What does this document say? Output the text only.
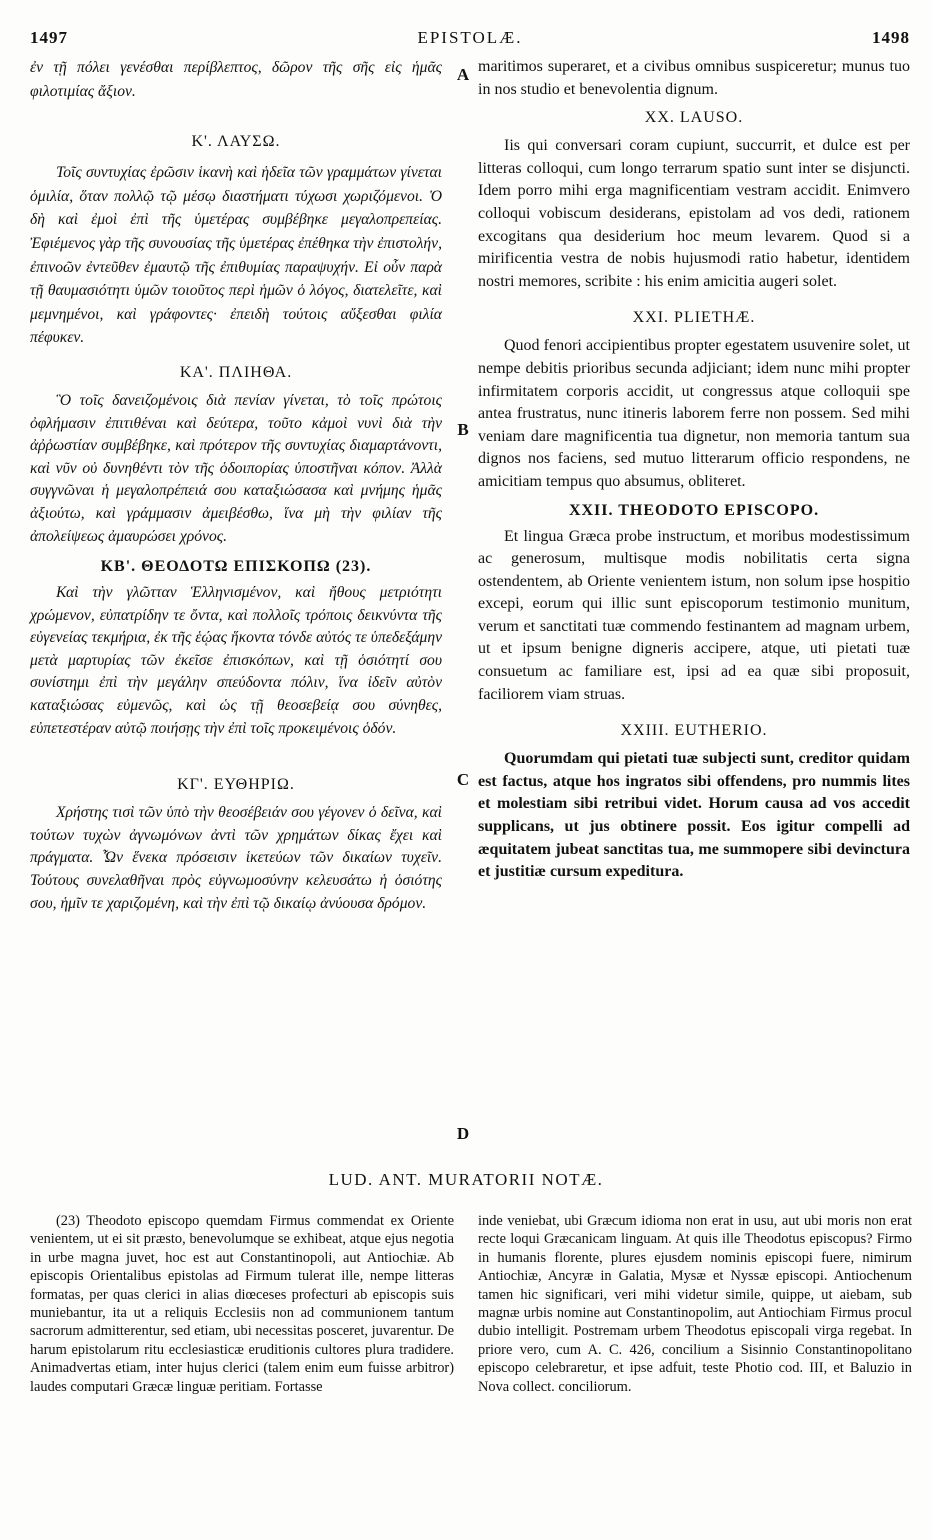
1497	EPISTOLÆ.	1498
A
B
C
D

ἐν τῇ πόλει γενέσθαι περίβλεπτος, δῶρον τῆς σῆς εἰς ἡμᾶς φιλοτιμίας ἄξιον.

Κ'. ΛΑΥΣΩ.

Τοῖς συντυχίας ἐρῶσιν ἱκανὴ καὶ ἡδεῖα τῶν γραμμάτων γίνεται ὁμιλία, ὅταν πολλῷ τῷ μέσῳ διαστήματι τύχωσι χωριζόμενοι. Ὁ δὴ καὶ ἐμοὶ ἐπὶ τῆς ὑμετέρας συμβέβηκε μεγαλοπρεπείας. Ἐφιέμενος γὰρ τῆς συνουσίας τῆς ὑμετέρας ἐπέθηκα τὴν ἐπιστολήν, ἐπινοῶν ἐντεῦθεν ἐμαυτῷ τῆς ἐπιθυμίας παραψυχήν. Εἰ οὖν παρὰ τῇ θαυμασιότητι ὑμῶν τοιοῦτος περὶ ἡμῶν ὁ λόγος, διατελεῖτε, καὶ μεμνημένοι, καὶ γράφοντες· ἐπειδὴ τούτοις αὔξεσθαι φιλία πέφυκεν.

ΚΑ'. ΠΛΙΗΘΑ.

Ὃ τοῖς δανειζομένοις διὰ πενίαν γίνεται, τὸ τοῖς πρώτοις ὀφλήμασιν ἐπιτιθέναι καὶ δεύτερα, τοῦτο κἀμοὶ νυνὶ διὰ τὴν ἀῤῥωστίαν συμβέβηκε, καὶ πρότερον τῆς συντυχίας διαμαρτάνοντι, καὶ νῦν οὐ δυνηθέντι τὸν τῆς ὁδοιπορίας ὑποστῆναι κόπον. Ἀλλὰ συγγνῶναι ἡ μεγαλοπρέπειά σου καταξιώσασα καὶ μνήμης ἡμᾶς ἀξιούτω, καὶ γράμμασιν ἀμειβέσθω, ἵνα μὴ τὴν φιλίαν τῆς ἀπολείψεως ἀμαυρώσει χρόνος.

ΚΒ'. ΘΕΟΔΟΤΩ ΕΠΙΣΚΟΠΩ (23).

Καὶ τὴν γλῶτταν Ἑλληνισμένον, καὶ ἤθους μετριότητι χρώμενον, εὐπατρίδην τε ὄντα, καὶ πολλοῖς τρόποις δεικνύντα τῆς εὐγενείας τεκμήρια, ἐκ τῆς ἑῴας ἥκοντα τόνδε αὐτός τε ὑπεδεξάμην μετὰ μαρτυρίας τῶν ἐκεῖσε ἐπισκόπων, καὶ τῇ ὁσιότητί σου συνίστημι ἐπὶ τὴν μεγάλην σπεύδοντα πόλιν, ἵνα ἰδεῖν αὐτὸν καταξιώσας εὐμενῶς, καὶ ὡς τῇ θεοσεβείᾳ σου σύνηθες, εὐπετεστέραν αὐτῷ ποιήσῃς τὴν ἐπὶ τοῖς προκειμένοις ὁδόν.

ΚΓ'. ΕΥΘΗΡΙΩ.

Χρήστης τισὶ τῶν ὑπὸ τὴν θεοσέβειάν σου γέγονεν ὁ δεῖνα, καὶ τούτων τυχὼν ἀγνωμόνων ἀντὶ τῶν χρημάτων δίκας ἔχει καὶ πράγματα. Ὧν ἕνεκα πρόσεισιν ἱκετεύων τῶν δικαίων τυχεῖν. Τούτους συνελαθῆναι πρὸς εὐγνωμοσύνην κελευσάτω ἡ ὁσιότης σου, ἡμῖν τε χαριζομένη, καὶ τὴν ἐπὶ τῷ δικαίῳ ἀνύουσα δρόμον.

maritimos superaret, et a civibus omnibus suspiceretur; munus tuo in nos studio et benevolentia dignum.

XX. LAUSO.

Iis qui conversari coram cupiunt, succurrit, et dulce est per litteras colloqui, cum longo terrarum spatio sunt inter se disjuncti. Idem porro mihi erga magnificentiam vestram accidit. Enimvero colloqui vobiscum desiderans, epistolam ad vos dedi, rationem excogitans qua desiderium hoc meum levarem. Quod si a mirificentia vestra de nobis hujusmodi ratio habetur, identidem nostri memores, scribite : his enim amicitia augeri solet.

XXI. PLIETHÆ.

Quod fenori accipientibus propter egestatem usuvenire solet, ut nempe debitis prioribus secunda adjiciant; idem nunc mihi propter infirmitatem corporis accidit, ut congressus atque colloquii spe antea frustratus, nunc itineris laborem ferre non possem. Sed mihi veniam dare magnificentia tua dignetur, non memoria tantum sua dignos nos faciens, sed mutuo litterarum officio respondens, ne amicitiam tempus quo absumus, obliteret.

XXII. THEODOTO EPISCOPO.

Et lingua Græca probe instructum, et moribus modestissimum ac generosum, multisque modis nobilitatis certa signa ostendentem, ab Oriente venientem istum, non solum ipse hospitio excepi, eorum qui illic sunt episcoporum testimonio munitum, verum et sanctitati tuæ commendo festinantem ad magnam urbem, ut et ipsum benigne digneris accipere, atque, uti pietati tuæ consuetum ac familiare est, ipsi ad ea quæ sibi proposuit, faciliorem viam struas.

XXIII. EUTHERIO.

Quorumdam qui pietati tuæ subjecti sunt, creditor quidam est factus, atque hos ingratos sibi offendens, pro nummis lites et molestiam sibi retribui videt. Horum causa ad vos accedit supplicans, ut jus obtinere possit. Eos igitur compelli ad æquitatem jubeat sanctitas tua, me summopere sibi devinctura et justitiæ cursum expeditura.

LUD. ANT. MURATORII NOTÆ.

(23) Theodoto episcopo quemdam Firmus commendat ex Oriente venientem, ut ei sit præsto, benevolumque se exhibeat, atque ejus negotia in urbe magna juvet, hoc est aut Constantinopoli, aut Antiochiæ. Ab episcopis Orientalibus epistolas ad Firmum tulerat ille, nempe litteras formatas, per quas clerici in alias diœceses profecturi ab episcopis suis muniebantur, ita ut a reliquis Ecclesiis non ad communionem tantum sacrorum admitterentur, sed etiam, ubi necessitas posceret, juvarentur. De harum epistolarum ritu ecclesiasticæ eruditionis cultores plura tradidere. Animadvertas etiam, inter hujus clerici (talem enim eum fuisse arbitror) laudes computari Græcæ linguæ peritiam. Fortasse

inde veniebat, ubi Græcum idioma non erat in usu, aut ubi moris non erat recte loqui Græcanicam linguam. At quis ille Theodotus episcopus? Firmo in humanis florente, plures ejusdem nominis episcopi fuere, nimirum Antiochiæ, Ancyræ in Galatia, Mysæ et Nyssæ episcopi. Antiochenum tamen hic significari, veri mihi videtur simile, quippe, ut aiebam, sub magnæ urbis nomine aut Constantinopolim, aut Antiochiam Firmus procul dubio intelligit. Postremam urbem Theodotus episcopali virga regebat. In priore vero, cum A. C. 426, concilium a Sisinnio Constantinopolitano episcopo celebraretur, et ipse adfuit, teste Photio cod. III, et Baluzio in Nova collect. conciliorum.
